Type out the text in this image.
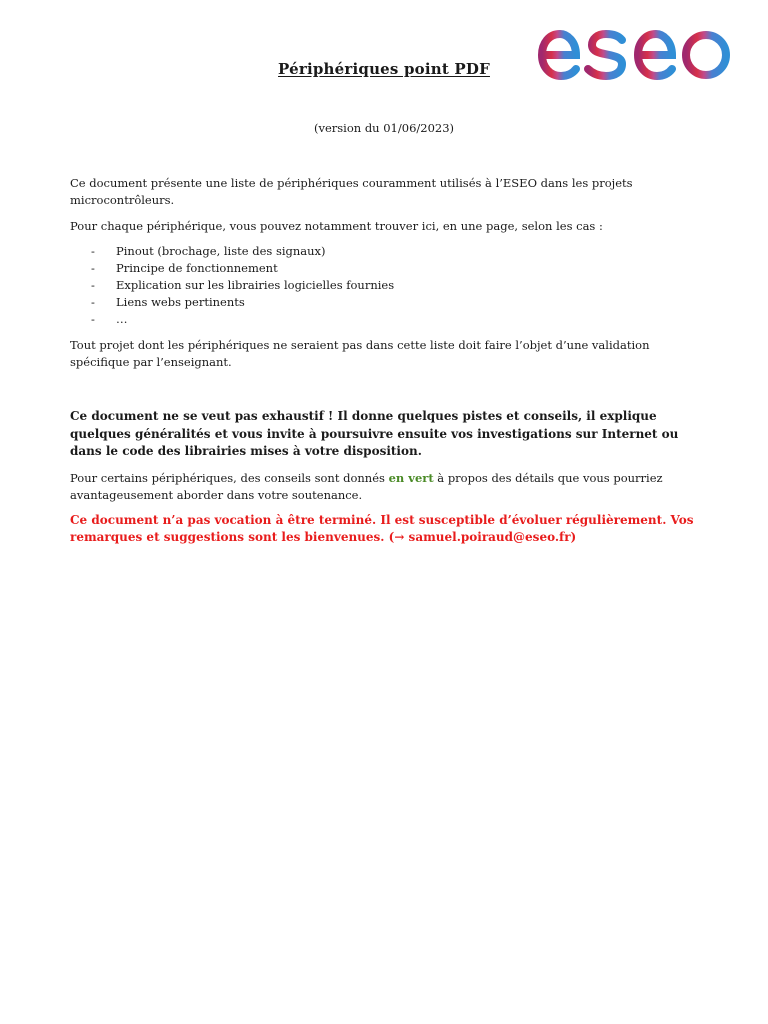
Périphériques point PDF
(version du 01/06/2023)

Ce document présente une liste de périphériques couramment utilisés à l’ESEO dans les projets microcontrôleurs.

Pour chaque périphérique, vous pouvez notamment trouver ici, en une page, selon les cas :

- Pinout (brochage, liste des signaux)
- Principe de fonctionnement
- Explication sur les librairies logicielles fournies
- Liens webs pertinents
- …

Tout projet dont les périphériques ne seraient pas dans cette liste doit faire l’objet d’une validation spécifique par l’enseignant.

Ce document ne se veut pas exhaustif ! Il donne quelques pistes et conseils, il explique quelques généralités et vous invite à poursuivre ensuite vos investigations sur Internet ou dans le code des librairies mises à votre disposition.

Pour certains périphériques, des conseils sont donnés en vert à propos des détails que vous pourriez avantageusement aborder dans votre soutenance.

Ce document n’a pas vocation à être terminé. Il est susceptible d’évoluer régulièrement. Vos remarques et suggestions sont les bienvenues. (→ samuel.poiraud@eseo.fr)
